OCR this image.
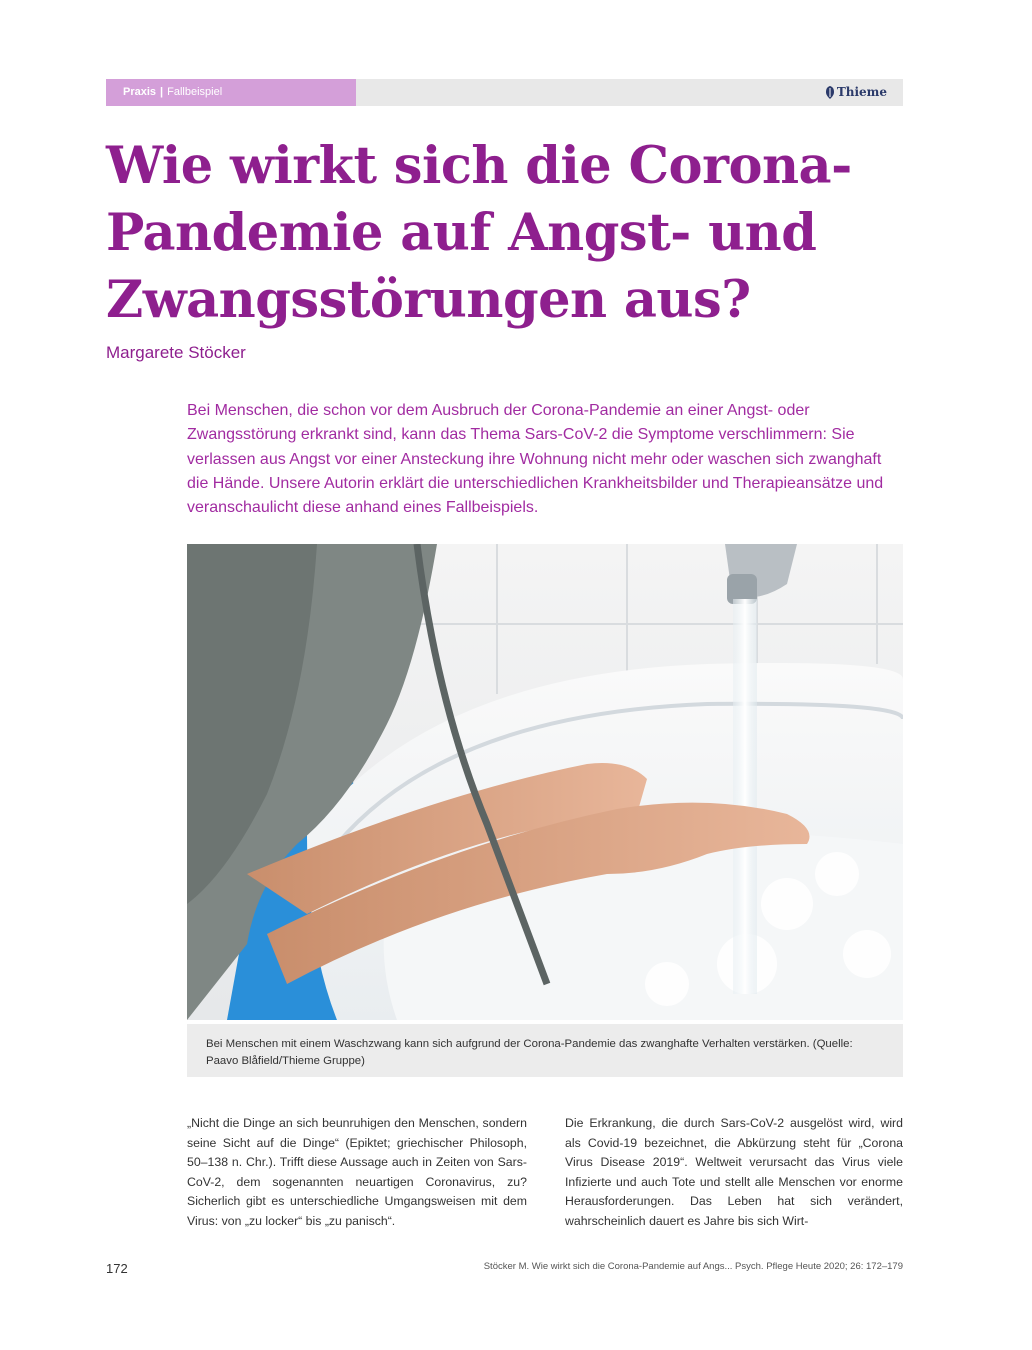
Praxis | Fallbeispiel	Thieme
Wie wirkt sich die Corona-
Pandemie auf Angst- und
Zwangsstörungen aus?
Margarete Stöcker

Bei Menschen, die schon vor dem Ausbruch der Corona-Pandemie an einer Angst- oder Zwangsstörung erkrankt sind, kann das Thema Sars-CoV-2 die Symptome verschlimmern: Sie verlassen aus Angst vor einer Ansteckung ihre Wohnung nicht mehr oder waschen sich zwanghaft die Hände. Unsere Autorin erklärt die unterschiedlichen Krankheitsbilder und Therapieansätze und veranschaulicht diese anhand eines Fallbeispiels.

Bei Menschen mit einem Waschzwang kann sich aufgrund der Corona-Pandemie das zwanghafte Verhalten verstärken. (Quelle: Paavo Blåfield/Thieme Gruppe)

„Nicht die Dinge an sich beunruhigen den Menschen, sondern seine Sicht auf die Dinge“ (Epiktet; griechischer Philosoph, 50–138 n. Chr.). Trifft diese Aussage auch in Zeiten von Sars-CoV-2, dem sogenannten neuartigen Coronavirus, zu? Sicherlich gibt es unterschiedliche Umgangsweisen mit dem Virus: von „zu locker“ bis „zu panisch“.

Die Erkrankung, die durch Sars-CoV-2 ausgelöst wird, wird als Covid-19 bezeichnet, die Abkürzung steht für „Corona Virus Disease 2019“. Weltweit verursacht das Virus viele Infizierte und auch Tote und stellt alle Menschen vor enorme Herausforderungen. Das Leben hat sich verändert, wahrscheinlich dauert es Jahre bis sich Wirt-

172	Stöcker M. Wie wirkt sich die Corona-Pandemie auf Angs... Psych. Pflege Heute 2020; 26: 172–179
